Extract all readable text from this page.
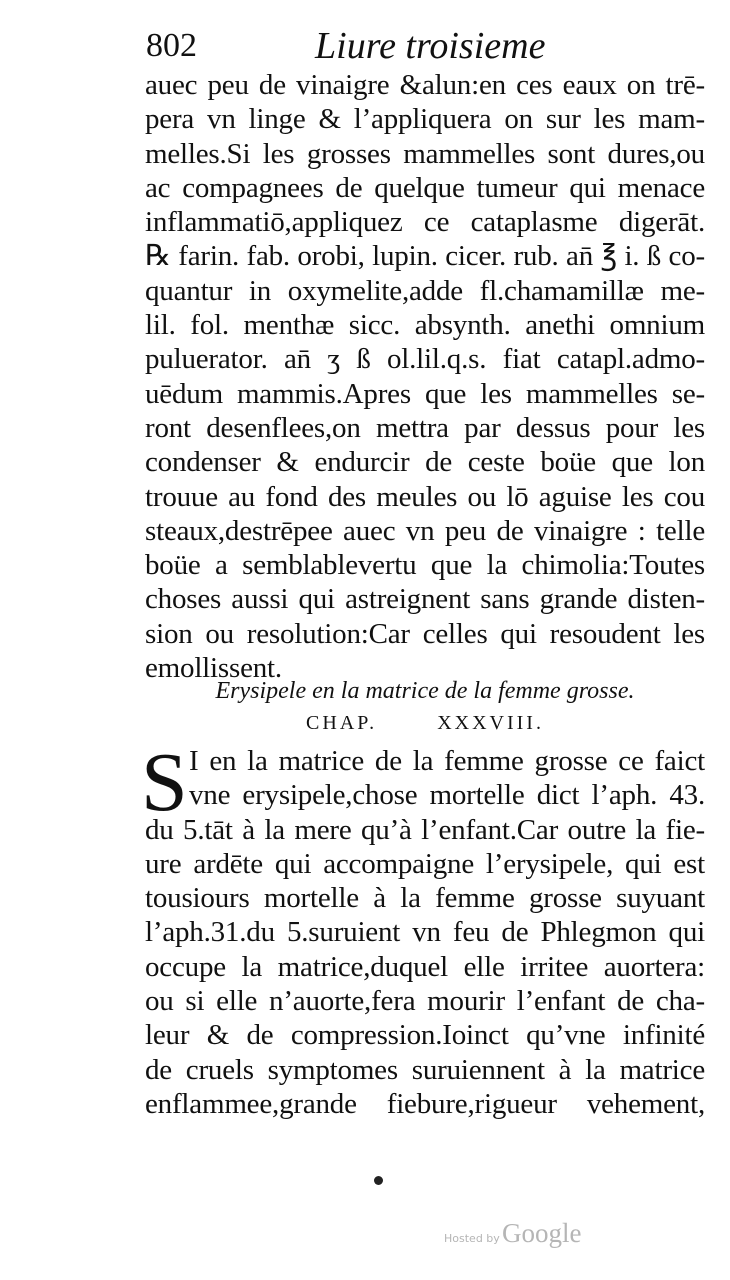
802	Liure troisieme
auec peu de vinaigre &alun:en ces eaux on trē-
pera vn linge & l’appliquera on sur les mam-
melles.Si les grosses mammelles sont dures,ou
ac compagnees de quelque tumeur qui menace
inflammatiō,appliquez ce cataplasme digerāt.
℞ farin. fab. orobi, lupin. cicer. rub. an̄ ℥ i. ß co-
quantur in oxymelite,adde fl.chamamillæ me-
lil. fol. menthæ sicc. absynth. anethi omnium
puluerator. an̄ ʒ ß ol.lil.q.s. fiat catapl.admo-
uēdum mammis.Apres que les mammelles se-
ront desenflees,on mettra par dessus pour les
condenser & endurcir de ceste boüe que lon
trouue au fond des meules ou lō aguise les cou
steaux,destrēpee auec vn peu de vinaigre : telle
boüe a semblablevertu que la chimolia:Toutes
choses aussi qui astreignent sans grande disten-
sion ou resolution:Car celles qui resoudent les
emollissent.
Erysipele en la matrice de la femme grosse.
CHAP.	XXXVIII.
S I en la matrice de la femme grosse ce faict
vne erysipele,chose mortelle dict l’aph. 43.
du 5.tāt à la mere qu’à l’enfant.Car outre la fie-
ure ardēte qui accompaigne l’erysipele, qui est
tousiours mortelle à la femme grosse suyuant
l’aph.31.du 5.suruient vn feu de Phlegmon qui
occupe la matrice,duquel elle irritee auortera:
ou si elle n’auorte,fera mourir l’enfant de cha-
leur & de compression.Ioinct qu’vne infinité
de cruels symptomes suruiennent à la matrice
enflammee,grande fiebure,rigueur vehement,
Hosted by Google
